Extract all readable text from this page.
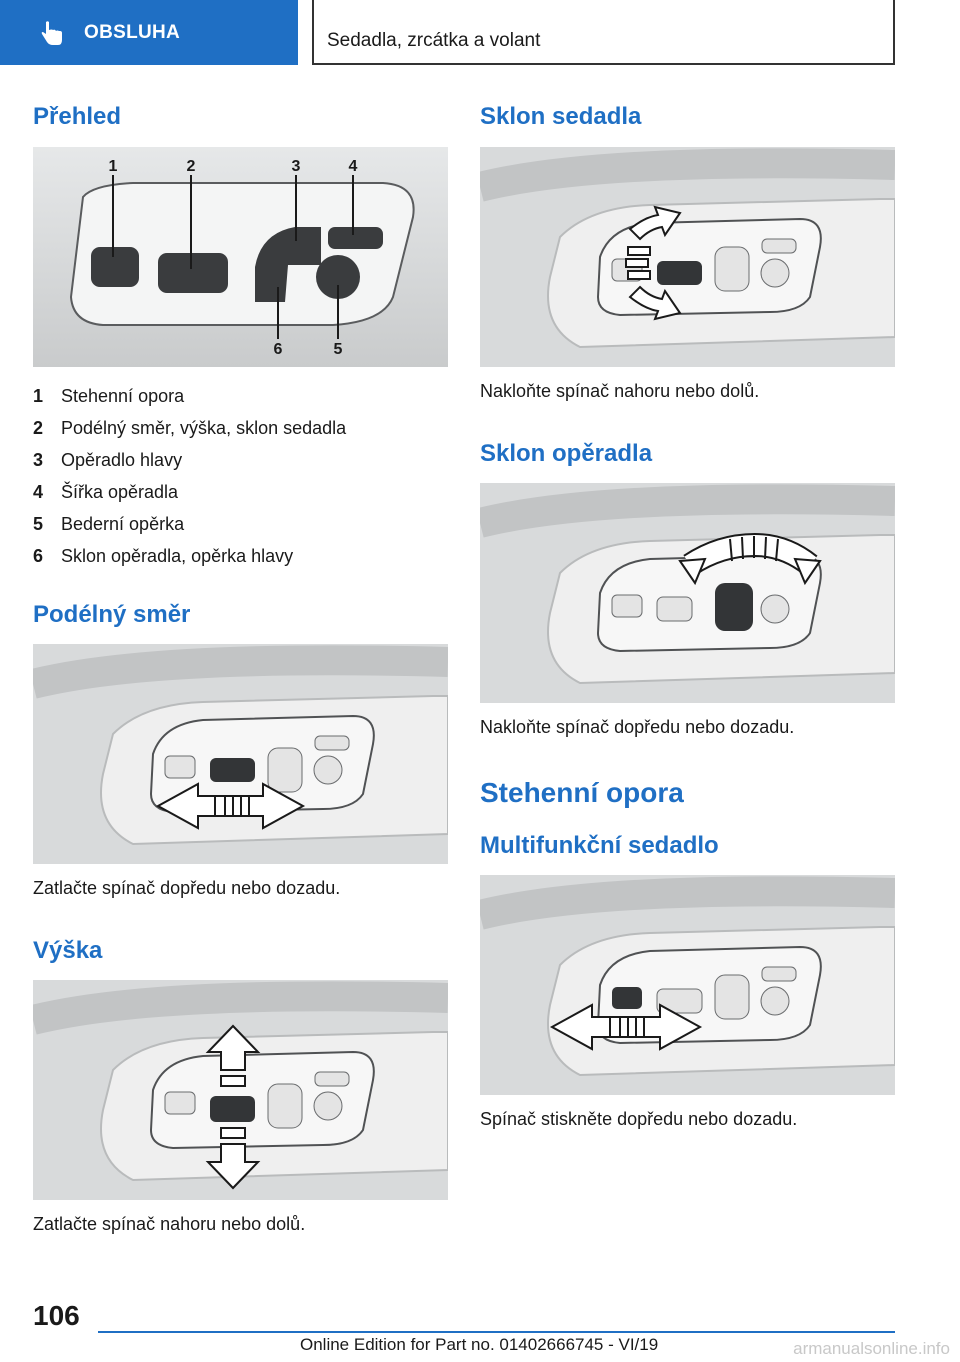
OBSLUHA	Sedadla, zrcátka a volant
Přehled
1	2	3	4
6	5
1 Stehenní opora
2 Podélný směr, výška, sklon sedadla
3 Opěradlo hlavy
4 Šířka opěradla
5 Bederní opěrka
6 Sklon opěradla, opěrka hlavy
Podélný směr
Zatlačte spínač dopředu nebo dozadu.
Výška
Zatlačte spínač nahoru nebo dolů.
Sklon sedadla
Nakloňte spínač nahoru nebo dolů.
Sklon opěradla
Nakloňte spínač dopředu nebo dozadu.
Stehenní opora
Multifunkční sedadlo
Spínač stiskněte dopředu nebo dozadu.
106
Online Edition for Part no. 01402666745 - VI/19	armanualsonline.info
